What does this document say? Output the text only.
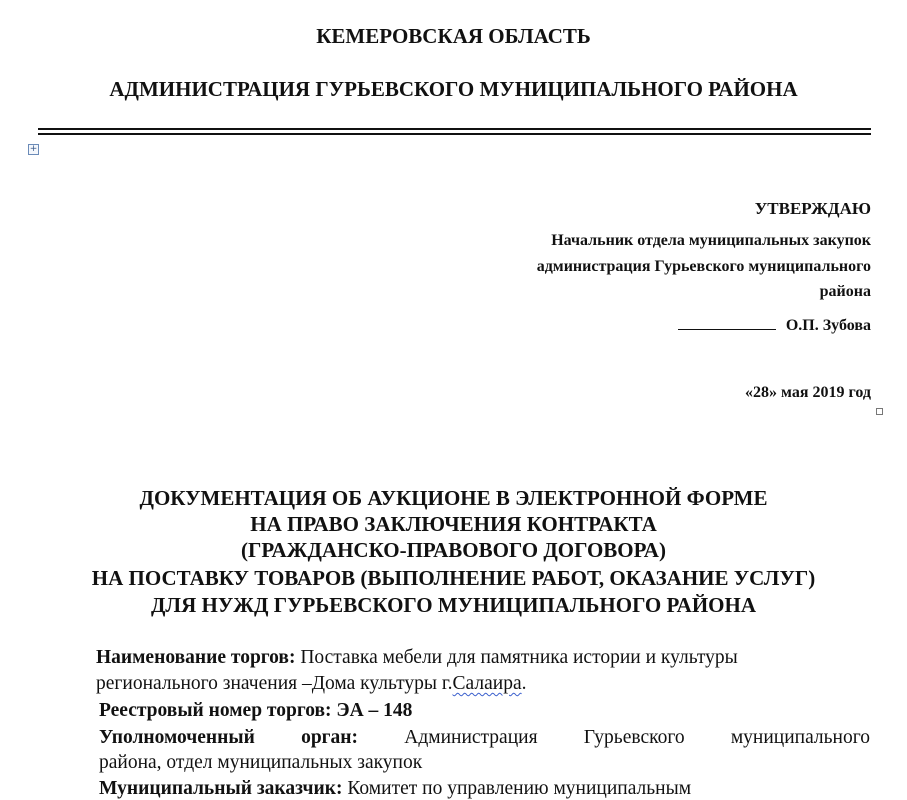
КЕМЕРОВСКАЯ ОБЛАСТЬ
АДМИНИСТРАЦИЯ ГУРЬЕВСКОГО МУНИЦИПАЛЬНОГО РАЙОНА
+
УТВЕРЖДАЮ
Начальник отдела муниципальных закупок
администрация Гурьевского муниципального
района
О.П. Зубова
«28» мая 2019 год
ДОКУМЕНТАЦИЯ ОБ АУКЦИОНЕ В ЭЛЕКТРОННОЙ ФОРМЕ
НА ПРАВО ЗАКЛЮЧЕНИЯ КОНТРАКТА
(ГРАЖДАНСКО-ПРАВОВОГО ДОГОВОРА)
НА ПОСТАВКУ ТОВАРОВ (ВЫПОЛНЕНИЕ РАБОТ, ОКАЗАНИЕ УСЛУГ)
ДЛЯ НУЖД ГУРЬЕВСКОГО МУНИЦИПАЛЬНОГО РАЙОНА
Наименование торгов: Поставка мебели для памятника истории и культуры
регионального значения –Дома культуры г.Салаира.
Реестровый номер торгов: ЭА – 148
Уполномоченный орган: Администрация Гурьевского муниципального
района, отдел муниципальных закупок
Муниципальный заказчик: Комитет по управлению муниципальным
